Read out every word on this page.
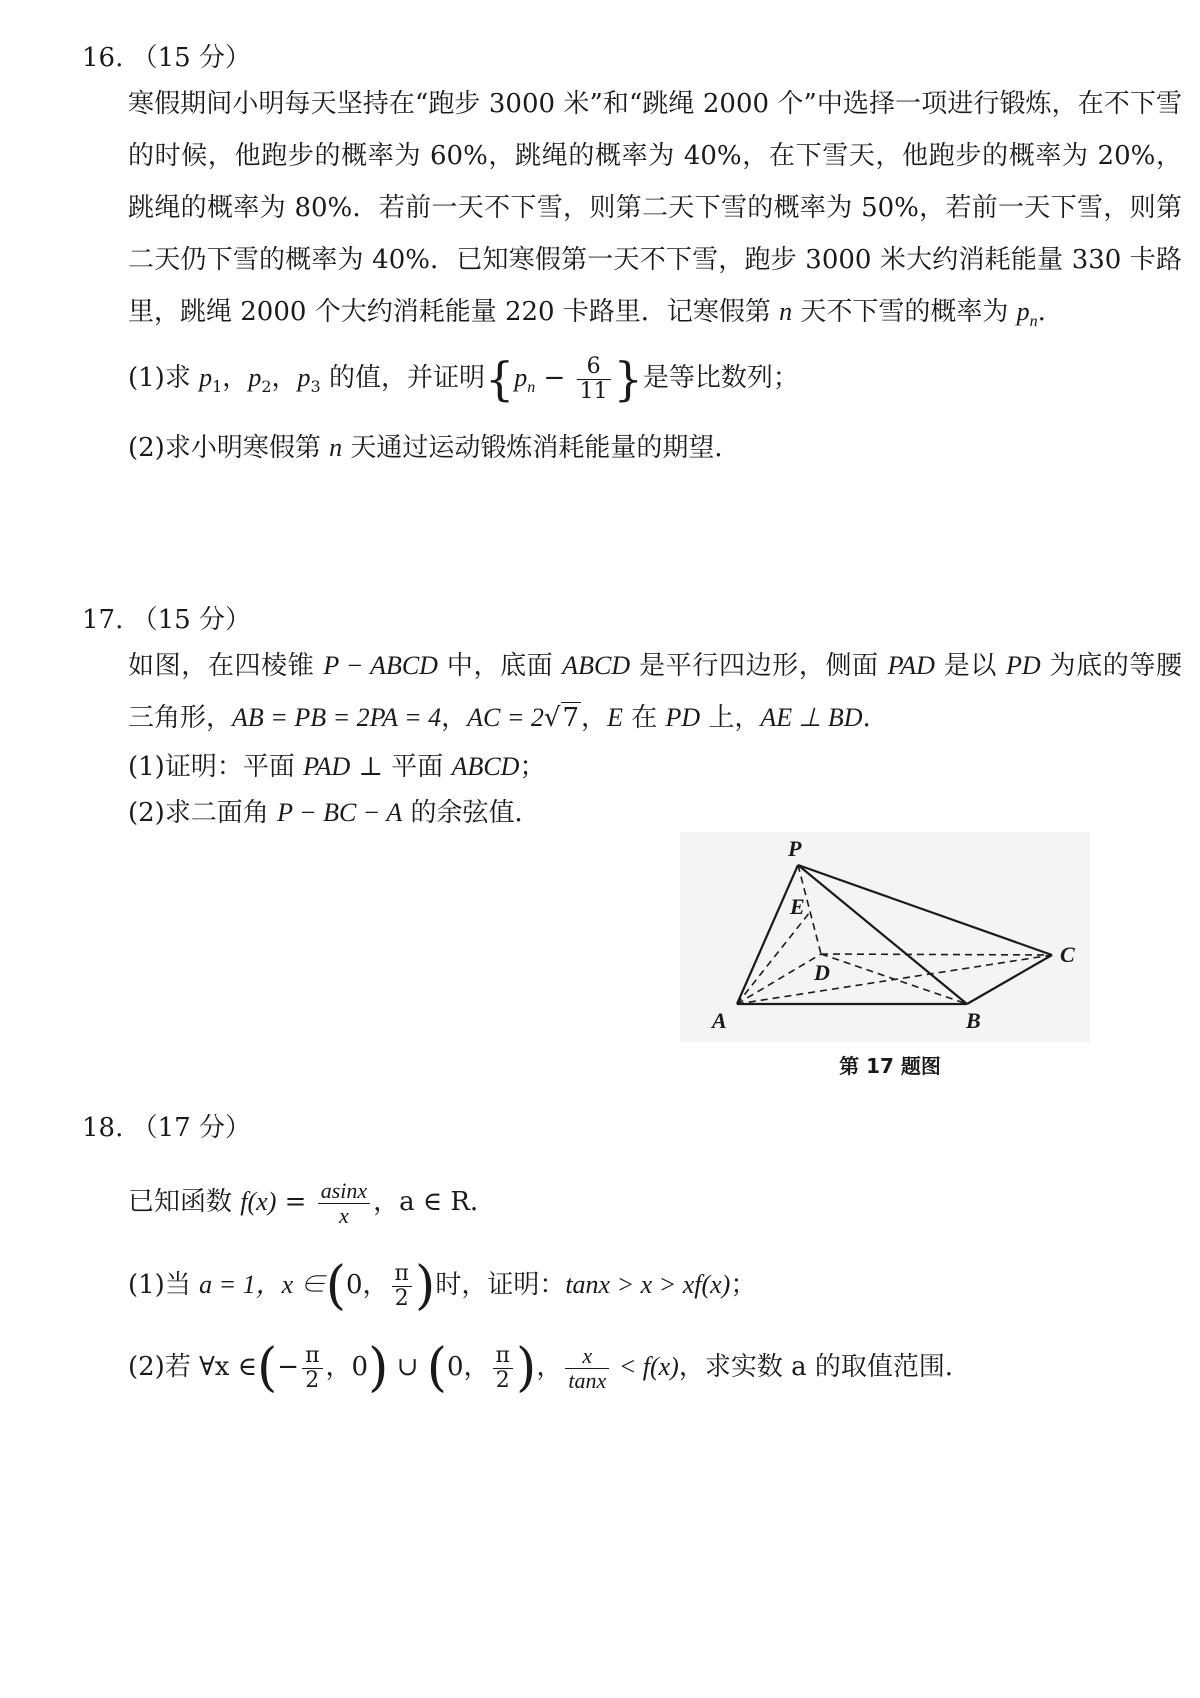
16. （15 分）
寒假期间小明每天坚持在“跑步 3000 米”和“跳绳 2000 个”中选择一项进行锻炼，在不下雪的时候，他跑步的概率为 60%，跳绳的概率为 40%，在下雪天，他跑步的概率为 20%，跳绳的概率为 80%．若前一天不下雪，则第二天下雪的概率为 50%，若前一天下雪，则第二天仍下雪的概率为 40%．已知寒假第一天不下雪，跑步 3000 米大约消耗能量 330 卡路里，跳绳 2000 个大约消耗能量 220 卡路里．记寒假第 n 天不下雪的概率为 $p_n$.
(1)求 $p_1$，$p_2$，$p_3$ 的值，并证明{$p_n - \frac{6}{11}$ }是等比数列；
(2)求小明寒假第 n 天通过运动锻炼消耗能量的期望．
17. （15 分）
如图，在四棱锥 P − ABCD 中，底面 ABCD 是平行四边形，侧面 PAD 是以 PD 为底的等腰三角形，AB = PB = 2PA = 4，AC = 2√7，E 在 PD 上，AE ⊥ BD.
(1)证明：平面 PAD ⊥ 平面 ABCD；
(2)求二面角 P − BC − A 的余弦值．
P
E
D
C
A	B
第 17 题图
18. （17 分）
已知函数 $f(x) = \frac{asinx}{x}$ ，a ∈ R．
(1)当 a = 1，x ∈(0， $\frac{\pi}{2}$ )时，证明：tanx > x > xf(x)；
(2)若 ∀x ∈(− $\frac{\pi}{2}$ ，0) ∪ (0， $\frac{\pi}{2}$ )， $\frac{x}{\tan x} < f(x)$，求实数 a 的取值范围．
